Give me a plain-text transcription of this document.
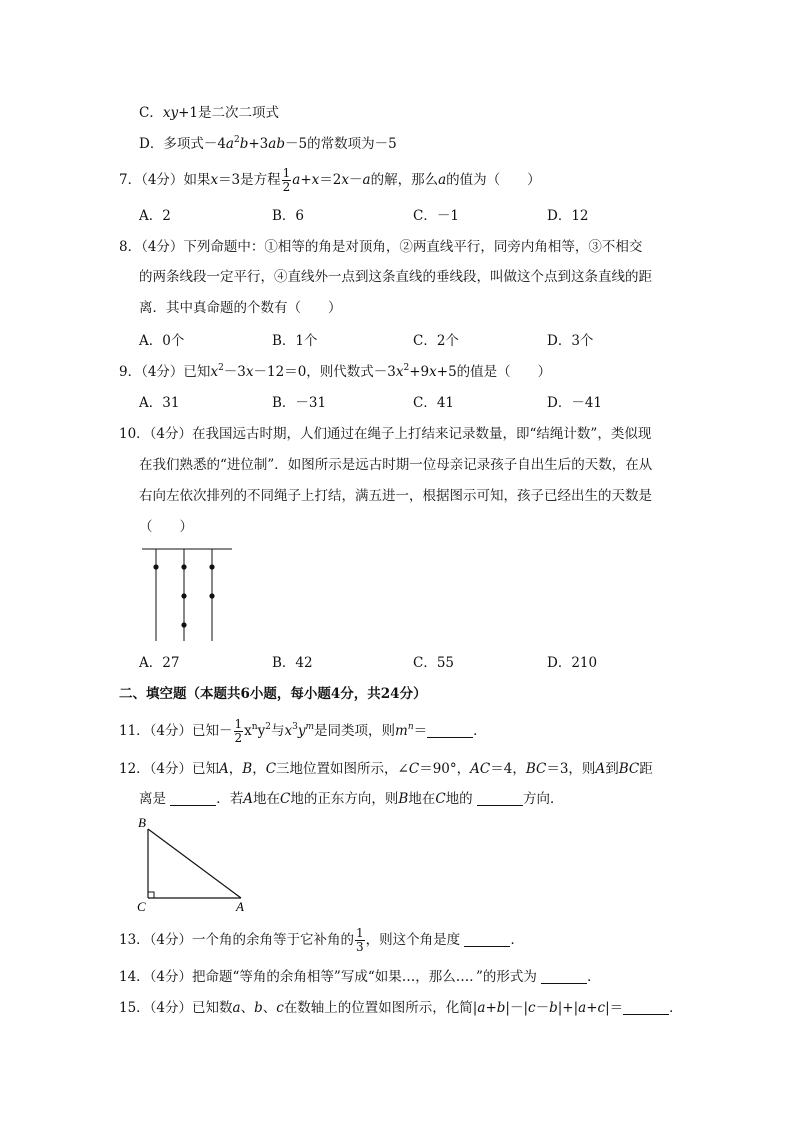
C．xy+1是二次二项式
D．多项式$-4a^2b+3ab-5$的常数项为－5
7．（4分）如果x＝3是方程 $\frac{1}{2} a+x=2x-a$的解，那么a的值为（　　）
A．2	B．6	C．－1	D．12
8．（4分）下列命题中：①相等的角是对顶角，②两直线平行，同旁内角相等，③不相交
的两条线段一定平行，④直线外一点到这条直线的垂线段，叫做这个点到这条直线的距
离．其中真命题的个数有（　　）
A．0个	B．1个	C．2个	D．3个
9．（4分）已知$x^2-3x-12=0$，则代数式$-3x^2+9x+5$的值是（　　）
A．31	B．－31	C．41	D．－41
10．（4分）在我国远古时期，人们通过在绳子上打结来记录数量，即“结绳计数”，类似现
在我们熟悉的“进位制”．如图所示是远古时期一位母亲记录孩子自出生后的天数，在从
右向左依次排列的不同绳子上打结，满五进一，根据图示可知，孩子已经出生的天数是
（　　）
A．27	B．42	C．55	D．210
二、填空题（本题共6小题，每小题4分，共24分）
11．（4分）已知－ $\frac{1}{2} x^ny^2$与$x^3y^m$是同类项，则$m^n=$	．
12．（4分）已知A，B，C三地位置如图所示，∠C＝90°，AC＝4，BC＝3，则A到BC距
离是	．若A地在C地的正东方向，则B地在C地的	方向．
B
C	A
13．（4分）一个角的余角等于它补角的 $\frac{1}{3}$ ，则这个角是度	．
14．（4分）把命题“等角的余角相等”写成“如果…，那么…．”的形式为	．
15．（4分）已知数a、b、c在数轴上的位置如图所示，化简|a+b|－|c－b|+|a+c|＝	．
